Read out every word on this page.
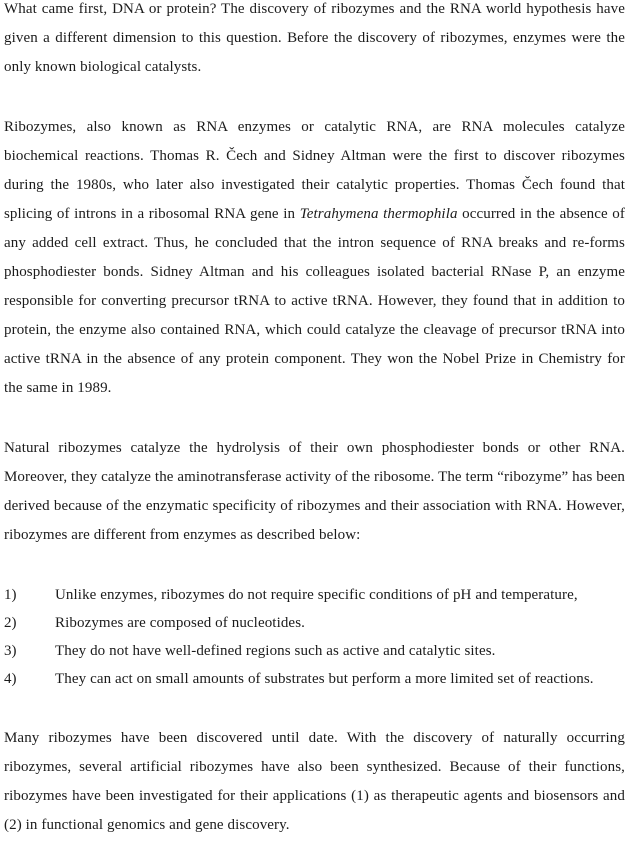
What came first, DNA or protein? The discovery of ribozymes and the RNA world hypothesis have given a different dimension to this question. Before the discovery of ribozymes, enzymes were the only known biological catalysts.

Ribozymes, also known as RNA enzymes or catalytic RNA, are RNA molecules catalyze biochemical reactions. Thomas R. Čech and Sidney Altman were the first to discover ribozymes during the 1980s, who later also investigated their catalytic properties. Thomas Čech found that splicing of introns in a ribosomal RNA gene in Tetrahymena thermophila occurred in the absence of any added cell extract. Thus, he concluded that the intron sequence of RNA breaks and re-forms phosphodiester bonds. Sidney Altman and his colleagues isolated bacterial RNase P, an enzyme responsible for converting precursor tRNA to active tRNA. However, they found that in addition to protein, the enzyme also contained RNA, which could catalyze the cleavage of precursor tRNA into active tRNA in the absence of any protein component. They won the Nobel Prize in Chemistry for the same in 1989.

Natural ribozymes catalyze the hydrolysis of their own phosphodiester bonds or other RNA. Moreover, they catalyze the aminotransferase activity of the ribosome. The term “ribozyme” has been derived because of the enzymatic specificity of ribozymes and their association with RNA. However, ribozymes are different from enzymes as described below:

1)	Unlike enzymes, ribozymes do not require specific conditions of pH and temperature,
2)	Ribozymes are composed of nucleotides.
3)	They do not have well-defined regions such as active and catalytic sites.
4)	They can act on small amounts of substrates but perform a more limited set of reactions.

Many ribozymes have been discovered until date. With the discovery of naturally occurring ribozymes, several artificial ribozymes have also been synthesized. Because of their functions, ribozymes have been investigated for their applications (1) as therapeutic agents and biosensors and (2) in functional genomics and gene discovery.
